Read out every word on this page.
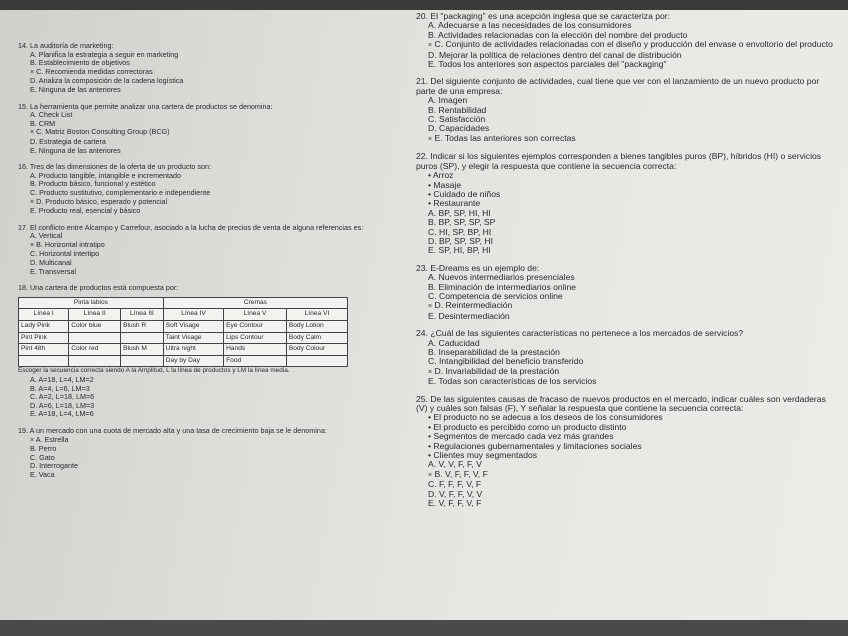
14. La auditoría de marketing:
A. Planifica la estrategia a seguir en marketing
B. Establecimiento de objetivos
× C. Recomienda medidas correctoras
D. Analiza la composición de la cadena logística
E. Ninguna de las anteriores
15. La herramienta que permite analizar una cartera de productos se denomina:
A. Check List
B. CRM
× C. Matriz Boston Consulting Group (BCG)
D. Estrategia de cartera
E. Ninguna de las anteriores
16. Tres de las dimensiones de la oferta de un producto son:
A. Producto tangible, intangible e incrementado
B. Producto básico, funcional y estético
C. Producto sustitutivo, complementario e independiente
× D. Producto básico, esperado y potencial
E. Producto real, esencial y básico
17. El conflicto entre Alcampo y Carrefour, asociado a la lucha de precios de venta de alguna referencias es:
A. Vertical
× B. Horizontal intratipo
C. Horizontal intertipo
D. Multicanal
E. Transversal
18. Una cartera de productos está compuesta por:
Pinta labios			Cremas		
Línea I	Línea II	Línea III	Línea IV	Línea V	Línea VI
Lady Pink	Color blue	Blush R	Soft Visage	Eye Contour	Body Lotion
Pint Pink			Taint Visage	Lips Contour	Body Calm
Pint 48h	Color red	Blush M	Ultra night	Hands	Body Colour
			Day by Day	Food	
Escoger la secuencia correcta siendo A la Amplitud, L la línea de productos y LM la línea media.
A. A=18, L=4, LM=2
B. A=4, L=6, LM=3
C. A=2, L=18, LM=6
D. A=6, L=18, LM=3
E. A=18, L=4, LM=6
19. A un mercado con una cuota de mercado alta y una tasa de crecimiento baja se le denomina:
× A. Estrella
B. Perro
C. Gato
D. Interrogante
E. Vaca
20. El "packaging" es una acepción inglesa que se caracteriza por:
A. Adecuarse a las necesidades de los consumidores
B. Actividades relacionadas con la elección del nombre del producto
× C. Conjunto de actividades relacionadas con el diseño y producción del envase o envoltorio del producto
D. Mejorar la política de relaciones dentro del canal de distribución
E. Todos los anteriores son aspectos parciales del "packaging"
21. Del siguiente conjunto de actividades, cual tiene que ver con el lanzamiento de un nuevo producto por parte de una empresa:
A. Imagen
B. Rentabilidad
C. Satisfacción
D. Capacidades
× E. Todas las anteriores son correctas
22. Indicar si los siguientes ejemplos corresponden a bienes tangibles puros (BP), híbridos (HI) o servicios puros (SP), y elegir la respuesta que contiene la secuencia correcta:
• Arroz
• Masaje
• Cuidado de niños
• Restaurante
A. BP, SP, HI, HI
B. BP, SP, SP, SP
C. HI, SP, BP, HI
D. BP, SP, SP, HI
E. SP, HI, BP, HI
23. E-Dreams es un ejemplo de:
A. Nuevos intermediarios presenciales
B. Eliminación de intermediarios online
C. Competencia de servicios online
× D. Reintermediación
E. Desintermediación
24. ¿Cuál de las siguientes características no pertenece a los mercados de servicios?
A. Caducidad
B. Inseparabilidad de la prestación
C. Intangibilidad del beneficio transferido
× D. Invariabilidad de la prestación
E. Todas son características de los servicios
25. De las siguientes causas de fracaso de nuevos productos en el mercado, indicar cuáles son verdaderas (V) y cuáles son falsas (F), Y señalar la respuesta que contiene la secuencia correcta:
• El producto no se adecua a los deseos de los consumidores
• El producto es percibido como un producto distinto
• Segmentos de mercado cada vez más grandes
• Regulaciones gubernamentales y limitaciones sociales
• Clientes muy segmentados
A. V, V, F, F, V
× B. V, F, F, V, F
C. F, F, F, V, F
D. V, F, F, V, V
E. V, F, F, V, F
